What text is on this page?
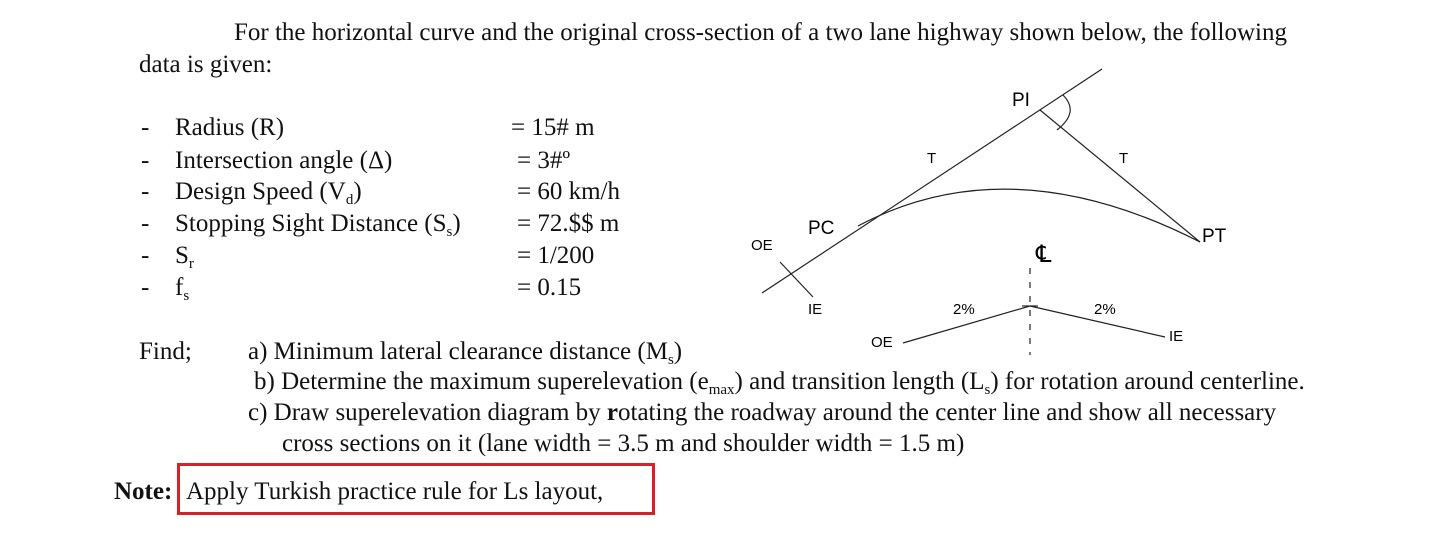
For the horizontal curve and the original cross-section of a two lane highway shown below, the following
data is given:
- Radius (R)	= 15# m
- Intersection angle (Δ)	= 3#º
- Design Speed $(V_d)$	= 60 km/h
- Stopping Sight Distance $(S_s)$ = 72.$$ m
- $S_r$	= 1/200
- $f_s$	= 0.15
PI
T	T
PC	PT
OE
IE
℄
2%	2%
OE	IE
Find; a) Minimum lateral clearance distance $(M_s)$
b) Determine the maximum superelevation $(e_{max})$ and transition length $(L_s)$ for rotation around centerline.
c) Draw superelevation diagram by rotating the roadway around the center line and show all necessary
cross sections on it (lane width = 3.5 m and shoulder width = 1.5 m)
Note: Apply Turkish practice rule for Ls layout,
